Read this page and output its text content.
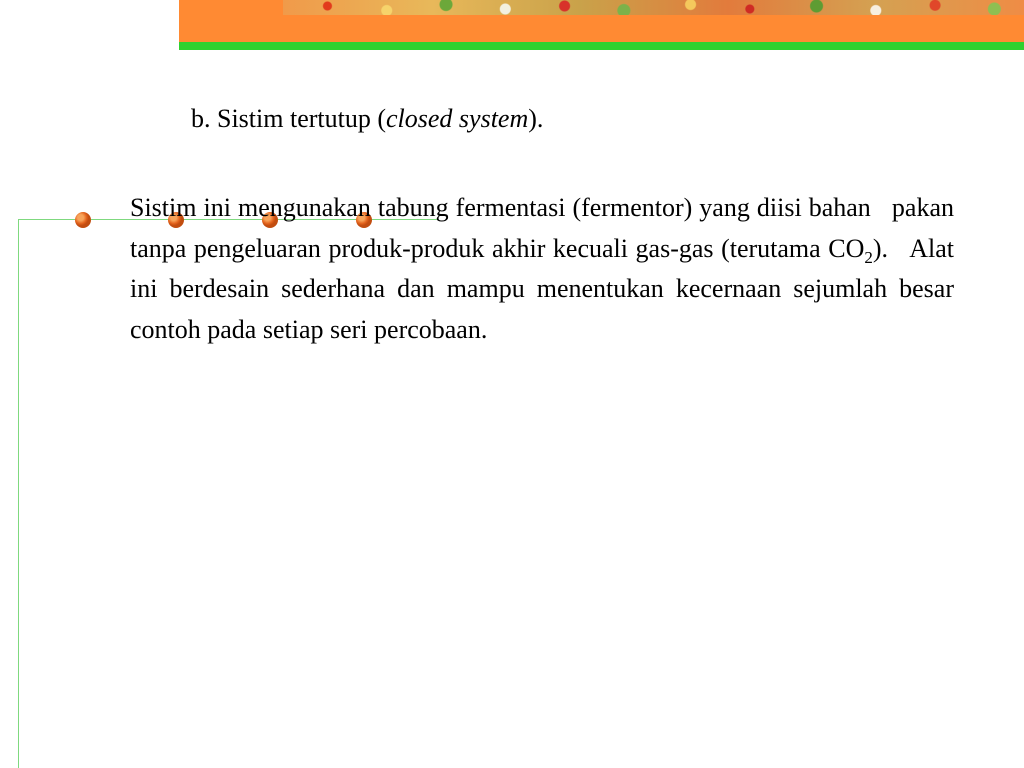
b. Sistim tertutup (closed system).
Sistim ini mengunakan tabung fermentasi (fermentor) yang diisi bahan   pakan tanpa pengeluaran produk-produk akhir kecuali gas-gas (terutama $CO_2$).   Alat ini berdesain sederhana dan mampu menentukan kecernaan sejumlah besar contoh pada setiap seri percobaan.
